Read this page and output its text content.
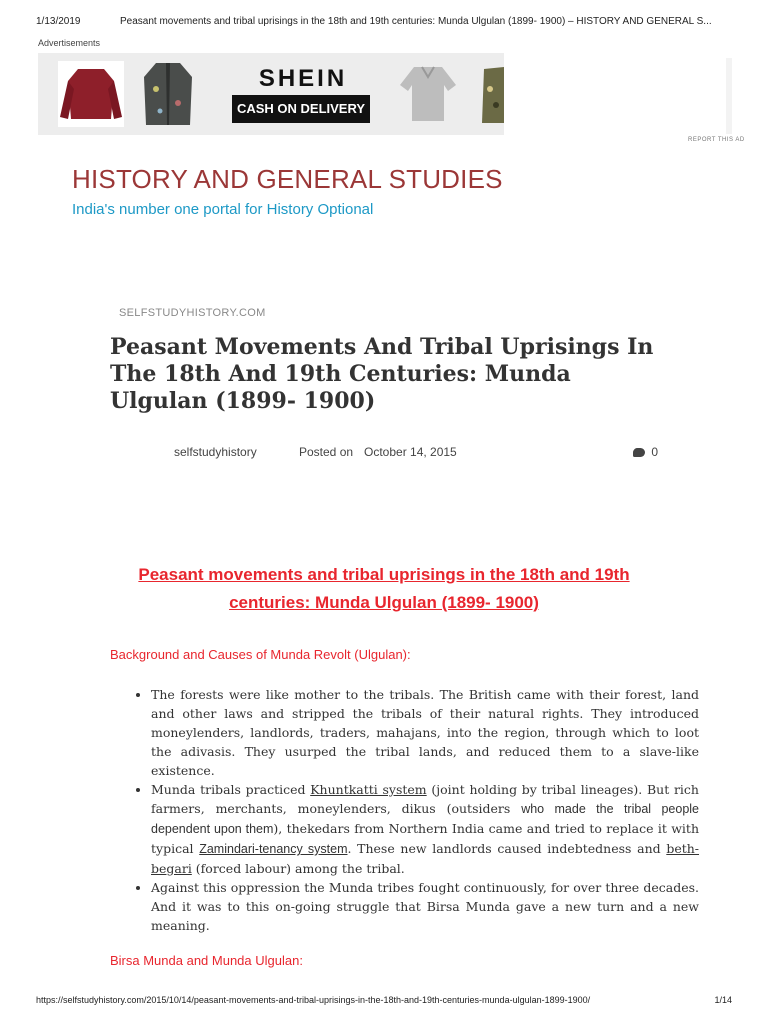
1/13/2019	Peasant movements and tribal uprisings in the 18th and 19th centuries: Munda Ulgulan (1899- 1900) – HISTORY AND GENERAL S...
Advertisements
SHEIN
CASH ON DELIVERY
REPORT THIS AD
HISTORY AND GENERAL STUDIES
India's number one portal for History Optional
SELFSTUDYHISTORY.COM
Peasant Movements And Tribal Uprisings In The 18th And 19th Centuries: Munda Ulgulan (1899- 1900)
selfstudyhistory	Posted on October 14, 2015	0
Peasant movements and tribal uprisings in the 18th and 19th centuries: Munda Ulgulan (1899- 1900)
Background and Causes of Munda Revolt (Ulgulan):
• The forests were like mother to the tribals. The British came with their forest, land and other laws and stripped the tribals of their natural rights. They introduced moneylenders, landlords, traders, mahajans, into the region, through which to loot the adivasis. They usurped the tribal lands, and reduced them to a slave-like existence.
• Munda tribals practiced Khuntkatti system (joint holding by tribal lineages). But rich farmers, merchants, moneylenders, dikus (outsiders who made the tribal people dependent upon them), thekedars from Northern India came and tried to replace it with typical Zamindari-tenancy system. These new landlords caused indebtedness and beth-begari (forced labour) among the tribal.
• Against this oppression the Munda tribes fought continuously, for over three decades. And it was to this on-going struggle that Birsa Munda gave a new turn and a new meaning.
Birsa Munda and Munda Ulgulan:
https://selfstudyhistory.com/2015/10/14/peasant-movements-and-tribal-uprisings-in-the-18th-and-19th-centuries-munda-ulgulan-1899-1900/	1/14
